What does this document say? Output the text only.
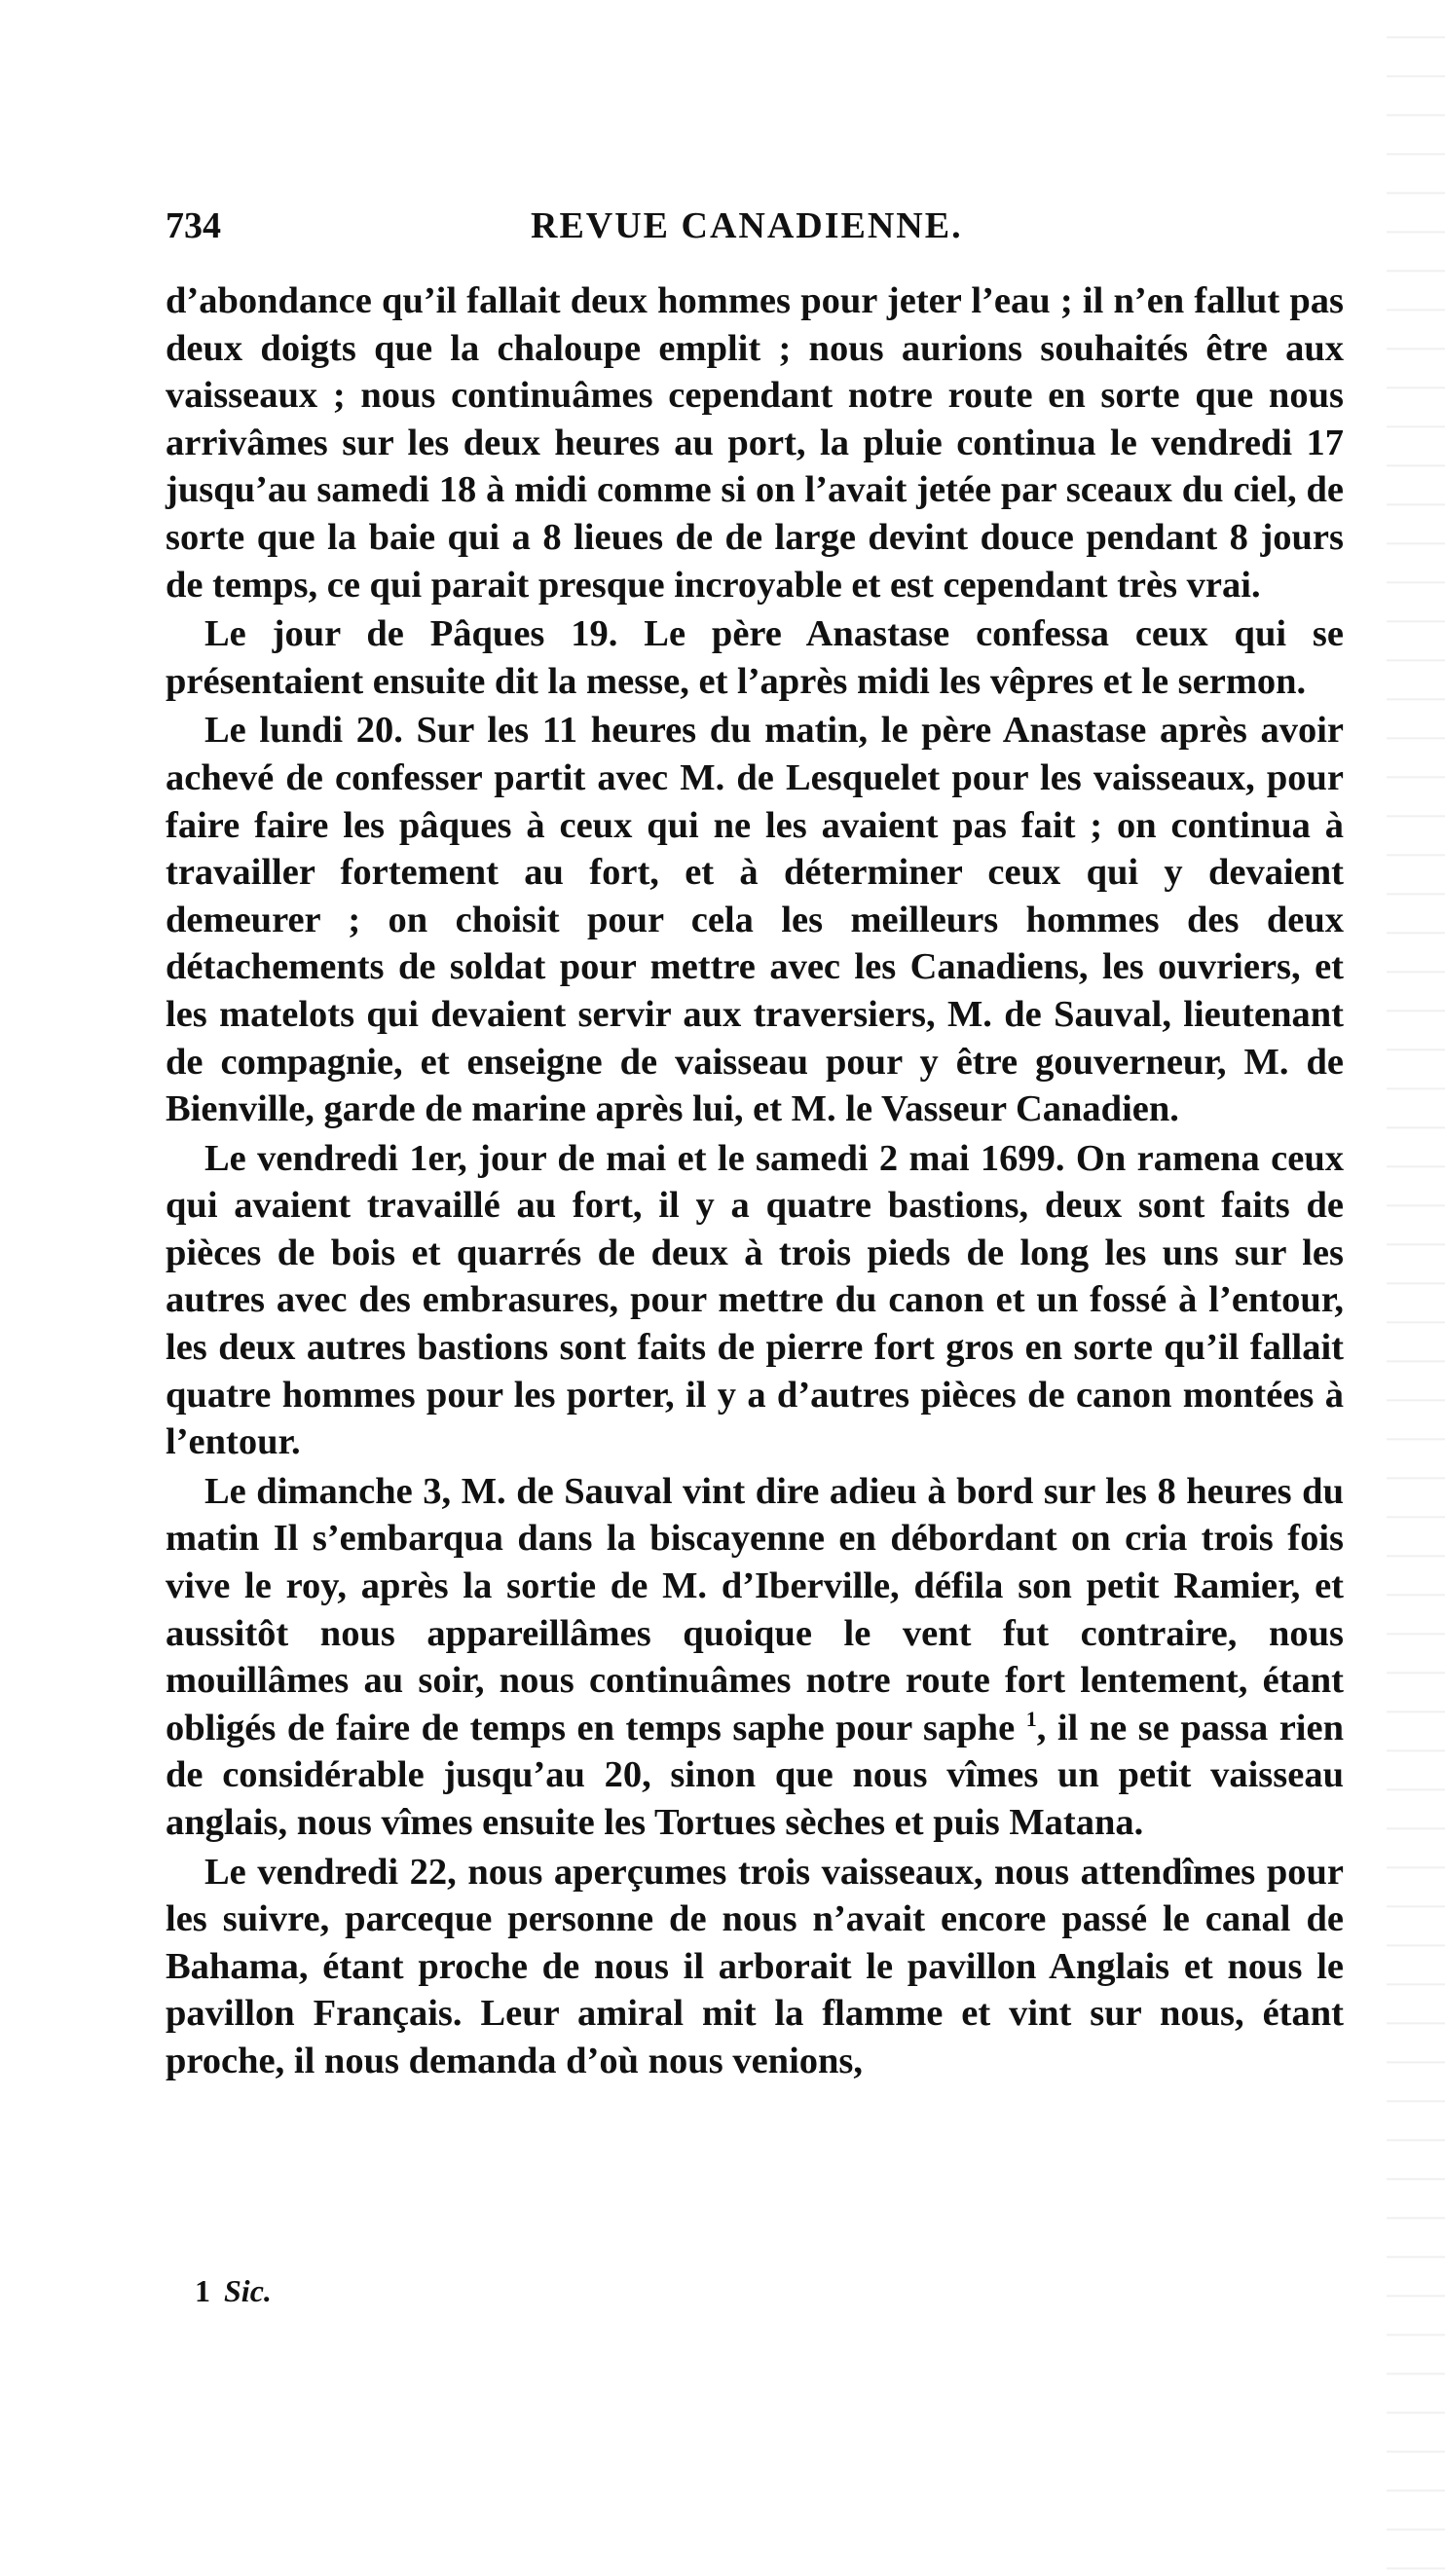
734	REVUE CANADIENNE.

d’abondance qu’il fallait deux hommes pour jeter l’eau ; il n’en fallut pas deux doigts que la chaloupe emplit ; nous aurions souhaités être aux vaisseaux ; nous continuâmes cependant notre route en sorte que nous arrivâmes sur les deux heures au port, la pluie continua le vendredi 17 jusqu’au samedi 18 à midi comme si on l’avait jetée par sceaux du ciel, de sorte que la baie qui a 8 lieues de de large devint douce pendant 8 jours de temps, ce qui parait presque incroyable et est cependant très vrai.

Le jour de Pâques 19. Le père Anastase confessa ceux qui se présentaient ensuite dit la messe, et l’après midi les vêpres et le sermon.

Le lundi 20. Sur les 11 heures du matin, le père Anastase après avoir achevé de confesser partit avec M. de Lesquelet pour les vaisseaux, pour faire faire les pâques à ceux qui ne les avaient pas fait ; on continua à travailler fortement au fort, et à déterminer ceux qui y devaient demeurer ; on choisit pour cela les meilleurs hommes des deux détachements de soldat pour mettre avec les Canadiens, les ouvriers, et les matelots qui devaient servir aux traversiers, M. de Sauval, lieutenant de compagnie, et enseigne de vaisseau pour y être gouverneur, M. de Bienville, garde de marine après lui, et M. le Vasseur Canadien.

Le vendredi 1er, jour de mai et le samedi 2 mai 1699. On ramena ceux qui avaient travaillé au fort, il y a quatre bastions, deux sont faits de pièces de bois et quarrés de deux à trois pieds de long les uns sur les autres avec des embrasures, pour mettre du canon et un fossé à l’entour, les deux autres bastions sont faits de pierre fort gros en sorte qu’il fallait quatre hommes pour les porter, il y a d’autres pièces de canon montées à l’entour.

Le dimanche 3, M. de Sauval vint dire adieu à bord sur les 8 heures du matin Il s’embarqua dans la biscayenne en débordant on cria trois fois vive le roy, après la sortie de M. d’Iberville, défila son petit Ramier, et aussitôt nous appareillâmes quoique le vent fut contraire, nous mouillâmes au soir, nous continuâmes notre route fort lentement, étant obligés de faire de temps en temps saphe pour saphe $^1$, il ne se passa rien de considérable jusqu’au 20, sinon que nous vîmes un petit vaisseau anglais, nous vîmes ensuite les Tortues sèches et puis Matana.

Le vendredi 22, nous aperçumes trois vaisseaux, nous attendîmes pour les suivre, parceque personne de nous n’avait encore passé le canal de Bahama, étant proche de nous il arborait le pavillon Anglais et nous le pavillon Français. Leur amiral mit la flamme et vint sur nous, étant proche, il nous demanda d’où nous venions,

1 Sic.
